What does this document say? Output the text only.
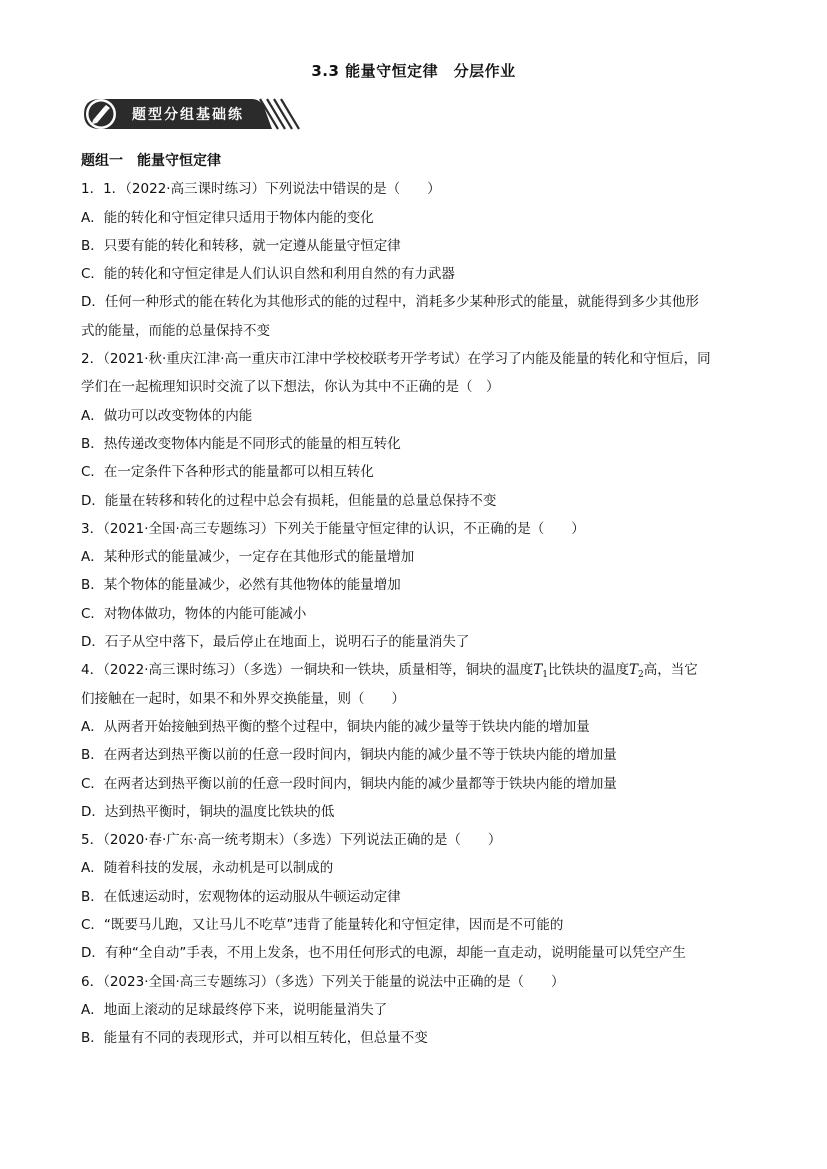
3.3 能量守恒定律　分层作业
题型分组基础练
题组一　能量守恒定律
1．1．（2022·高三课时练习）下列说法中错误的是（　　）
A．能的转化和守恒定律只适用于物体内能的变化
B．只要有能的转化和转移，就一定遵从能量守恒定律
C．能的转化和守恒定律是人们认识自然和利用自然的有力武器
D．任何一种形式的能在转化为其他形式的能的过程中，消耗多少某种形式的能量，就能得到多少其他形
式的能量，而能的总量保持不变
2．（2021·秋·重庆江津·高一重庆市江津中学校校联考开学考试）在学习了内能及能量的转化和守恒后，同
学们在一起梳理知识时交流了以下想法，你认为其中不正确的是（　）
A．做功可以改变物体的内能
B．热传递改变物体内能是不同形式的能量的相互转化
C．在一定条件下各种形式的能量都可以相互转化
D．能量在转移和转化的过程中总会有损耗，但能量的总量总保持不变
3．（2021·全国·高三专题练习）下列关于能量守恒定律的认识，不正确的是（　　）
A．某种形式的能量减少，一定存在其他形式的能量增加
B．某个物体的能量减少，必然有其他物体的能量增加
C．对物体做功，物体的内能可能减小
D．石子从空中落下，最后停止在地面上，说明石子的能量消失了
4．（2022·高三课时练习）（多选）一铜块和一铁块，质量相等，铜块的温度$T_1$比铁块的温度$T_2$高，当它
们接触在一起时，如果不和外界交换能量，则（　　）
A．从两者开始接触到热平衡的整个过程中，铜块内能的减少量等于铁块内能的增加量
B．在两者达到热平衡以前的任意一段时间内，铜块内能的减少量不等于铁块内能的增加量
C．在两者达到热平衡以前的任意一段时间内，铜块内能的减少量都等于铁块内能的增加量
D．达到热平衡时，铜块的温度比铁块的低
5．（2020·春·广东·高一统考期末）（多选）下列说法正确的是（　　）
A．随着科技的发展，永动机是可以制成的
B．在低速运动时，宏观物体的运动服从牛顿运动定律
C．“既要马儿跑，又让马儿不吃草”违背了能量转化和守恒定律，因而是不可能的
D．有种“全自动”手表，不用上发条，也不用任何形式的电源，却能一直走动，说明能量可以凭空产生
6．（2023·全国·高三专题练习）（多选）下列关于能量的说法中正确的是（　　）
A．地面上滚动的足球最终停下来，说明能量消失了
B．能量有不同的表现形式，并可以相互转化，但总量不变
